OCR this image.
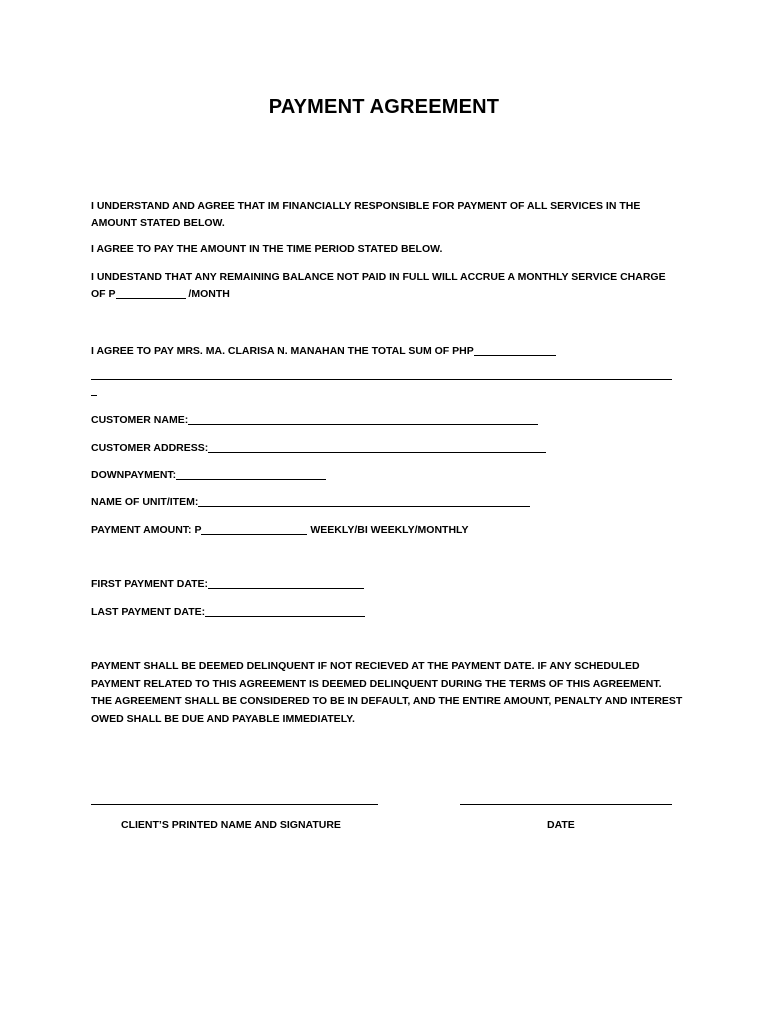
PAYMENT AGREEMENT
I UNDERSTAND AND AGREE THAT IM FINANCIALLY RESPONSIBLE FOR PAYMENT OF ALL SERVICES IN THE
AMOUNT STATED BELOW.
I AGREE TO PAY THE AMOUNT IN THE TIME PERIOD STATED BELOW.
I UNDESTAND THAT ANY REMAINING BALANCE NOT PAID IN FULL WILL ACCRUE A MONTHLY SERVICE CHARGE
OF P	/MONTH
I AGREE TO PAY MRS. MA. CLARISA N. MANAHAN THE TOTAL SUM OF PHP
CUSTOMER NAME:
CUSTOMER ADDRESS:
DOWNPAYMENT:
NAME OF UNIT/ITEM:
PAYMENT AMOUNT: P	WEEKLY/BI WEEKLY/MONTHLY
FIRST PAYMENT DATE:
LAST PAYMENT DATE:
PAYMENT SHALL BE DEEMED DELINQUENT IF NOT RECIEVED AT THE PAYMENT DATE. IF ANY SCHEDULED
PAYMENT RELATED TO THIS AGREEMENT IS DEEMED DELINQUENT DURING THE TERMS OF THIS AGREEMENT.
THE AGREEMENT SHALL BE CONSIDERED TO BE IN DEFAULT, AND THE ENTIRE AMOUNT, PENALTY AND INTEREST
OWED SHALL BE DUE AND PAYABLE IMMEDIATELY.
CLIENT’S PRINTED NAME AND SIGNATURE	DATE
